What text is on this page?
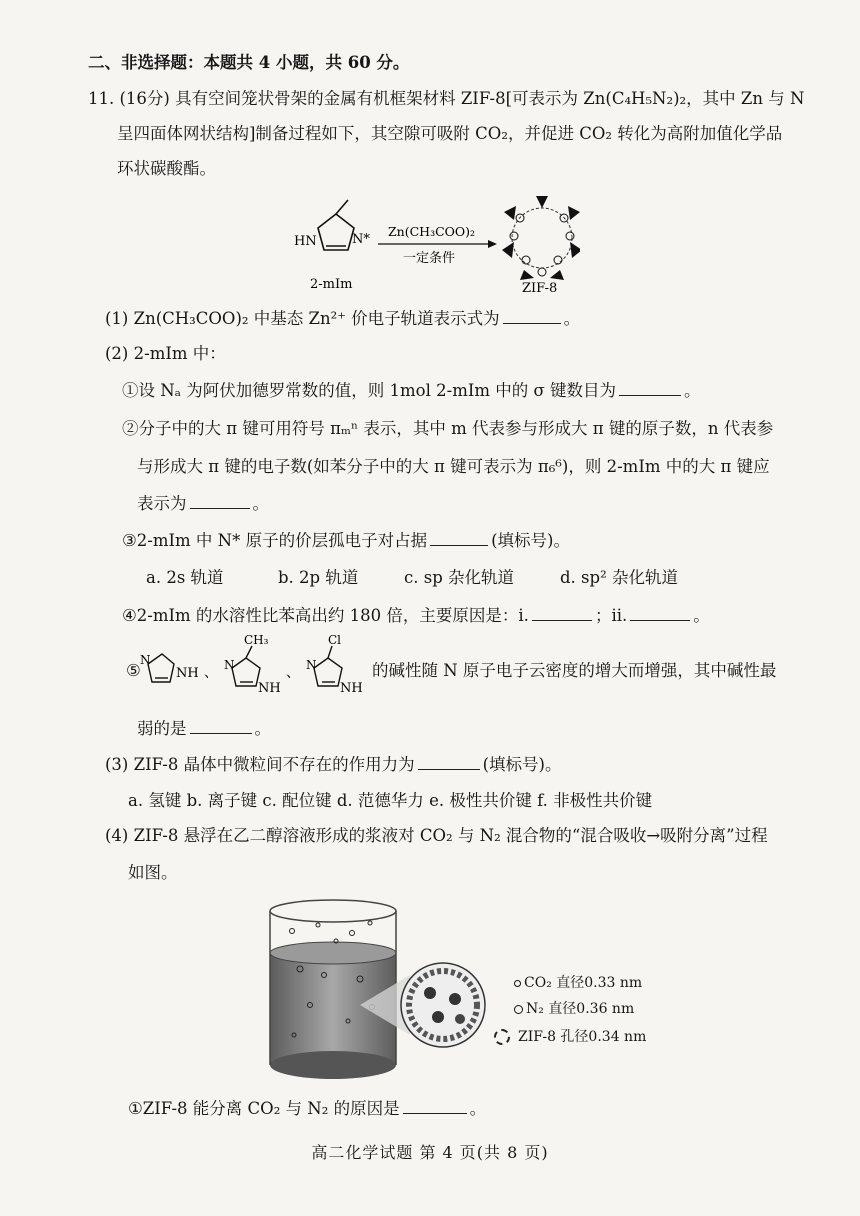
二、非选择题：本题共 4 小题，共 60 分。
11. (16分) 具有空间笼状骨架的金属有机框架材料 ZIF-8[可表示为 Zn(C₄H₅N₂)₂，其中 Zn 与 N
呈四面体网状结构]制备过程如下，其空隙可吸附 CO₂，并促进 CO₂ 转化为高附加值化学品
环状碳酸酯。
HN	N*
2-mIm
Zn(CH₃COO)₂
一定条件
ZIF-8
(1) Zn(CH₃COO)₂ 中基态 Zn²⁺ 价电子轨道表示式为	。
(2) 2-mIm 中：
①设 Nₐ 为阿伏加德罗常数的值，则 1mol 2-mIm 中的 σ 键数目为	。
②分子中的大 π 键可用符号 πₘⁿ 表示，其中 m 代表参与形成大 π 键的原子数，n 代表参
与形成大 π 键的电子数(如苯分子中的大 π 键可表示为 π₆⁶)，则 2-mIm 中的大 π 键应
表示为	。
③2-mIm 中 N* 原子的价层孤电子对占据	(填标号)。
a. 2s 轨道	b. 2p 轨道	c. sp 杂化轨道	d. sp² 杂化轨道
④2-mIm 的水溶性比苯高出约 180 倍，主要原因是：i.	；ii.	。
⑤
N
NH 、 N
CH₃
NH
、 N
Cl
NH
的碱性随 N 原子电子云密度的增大而增强，其中碱性最
弱的是	。
(3) ZIF-8 晶体中微粒间不存在的作用力为	(填标号)。
a. 氢键 b. 离子键 c. 配位键 d. 范德华力 e. 极性共价键 f. 非极性共价键
(4) ZIF-8 悬浮在乙二醇溶液形成的浆液对 CO₂ 与 N₂ 混合物的“混合吸收→吸附分离”过程
如图。
CO₂ 直径0.33 nm
N₂ 直径0.36 nm
ZIF-8 孔径0.34 nm
①ZIF-8 能分离 CO₂ 与 N₂ 的原因是	。
高二化学试题 第 4 页(共 8 页)
